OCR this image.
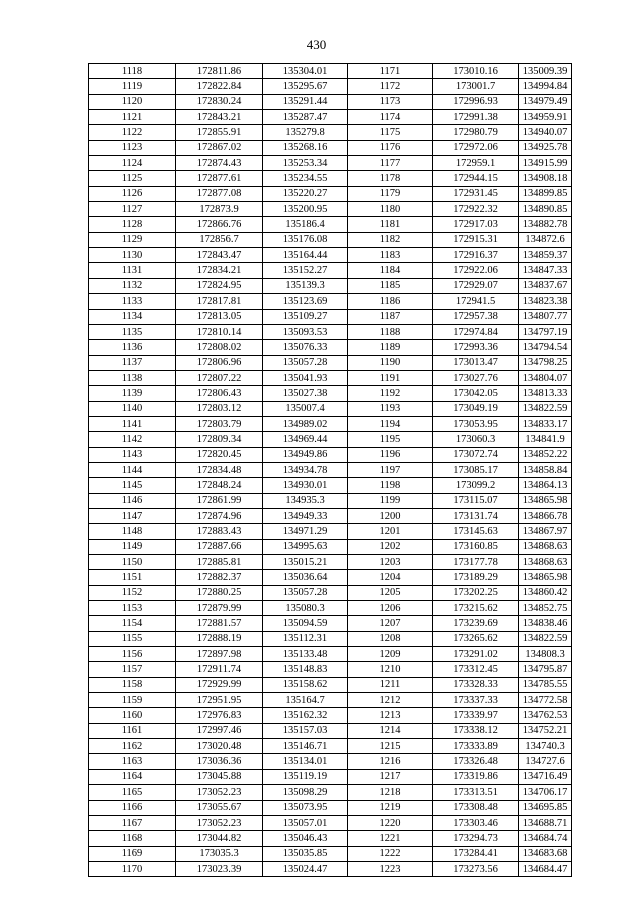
430
1118	172811.86	135304.01	1171	173010.16	135009.39
1119	172822.84	135295.67	1172	173001.7	134994.84
1120	172830.24	135291.44	1173	172996.93	134979.49
1121	172843.21	135287.47	1174	172991.38	134959.91
1122	172855.91	135279.8	1175	172980.79	134940.07
1123	172867.02	135268.16	1176	172972.06	134925.78
1124	172874.43	135253.34	1177	172959.1	134915.99
1125	172877.61	135234.55	1178	172944.15	134908.18
1126	172877.08	135220.27	1179	172931.45	134899.85
1127	172873.9	135200.95	1180	172922.32	134890.85
1128	172866.76	135186.4	1181	172917.03	134882.78
1129	172856.7	135176.08	1182	172915.31	134872.6
1130	172843.47	135164.44	1183	172916.37	134859.37
1131	172834.21	135152.27	1184	172922.06	134847.33
1132	172824.95	135139.3	1185	172929.07	134837.67
1133	172817.81	135123.69	1186	172941.5	134823.38
1134	172813.05	135109.27	1187	172957.38	134807.77
1135	172810.14	135093.53	1188	172974.84	134797.19
1136	172808.02	135076.33	1189	172993.36	134794.54
1137	172806.96	135057.28	1190	173013.47	134798.25
1138	172807.22	135041.93	1191	173027.76	134804.07
1139	172806.43	135027.38	1192	173042.05	134813.33
1140	172803.12	135007.4	1193	173049.19	134822.59
1141	172803.79	134989.02	1194	173053.95	134833.17
1142	172809.34	134969.44	1195	173060.3	134841.9
1143	172820.45	134949.86	1196	173072.74	134852.22
1144	172834.48	134934.78	1197	173085.17	134858.84
1145	172848.24	134930.01	1198	173099.2	134864.13
1146	172861.99	134935.3	1199	173115.07	134865.98
1147	172874.96	134949.33	1200	173131.74	134866.78
1148	172883.43	134971.29	1201	173145.63	134867.97
1149	172887.66	134995.63	1202	173160.85	134868.63
1150	172885.81	135015.21	1203	173177.78	134868.63
1151	172882.37	135036.64	1204	173189.29	134865.98
1152	172880.25	135057.28	1205	173202.25	134860.42
1153	172879.99	135080.3	1206	173215.62	134852.75
1154	172881.57	135094.59	1207	173239.69	134838.46
1155	172888.19	135112.31	1208	173265.62	134822.59
1156	172897.98	135133.48	1209	173291.02	134808.3
1157	172911.74	135148.83	1210	173312.45	134795.87
1158	172929.99	135158.62	1211	173328.33	134785.55
1159	172951.95	135164.7	1212	173337.33	134772.58
1160	172976.83	135162.32	1213	173339.97	134762.53
1161	172997.46	135157.03	1214	173338.12	134752.21
1162	173020.48	135146.71	1215	173333.89	134740.3
1163	173036.36	135134.01	1216	173326.48	134727.6
1164	173045.88	135119.19	1217	173319.86	134716.49
1165	173052.23	135098.29	1218	173313.51	134706.17
1166	173055.67	135073.95	1219	173308.48	134695.85
1167	173052.23	135057.01	1220	173303.46	134688.71
1168	173044.82	135046.43	1221	173294.73	134684.74
1169	173035.3	135035.85	1222	173284.41	134683.68
1170	173023.39	135024.47	1223	173273.56	134684.47
